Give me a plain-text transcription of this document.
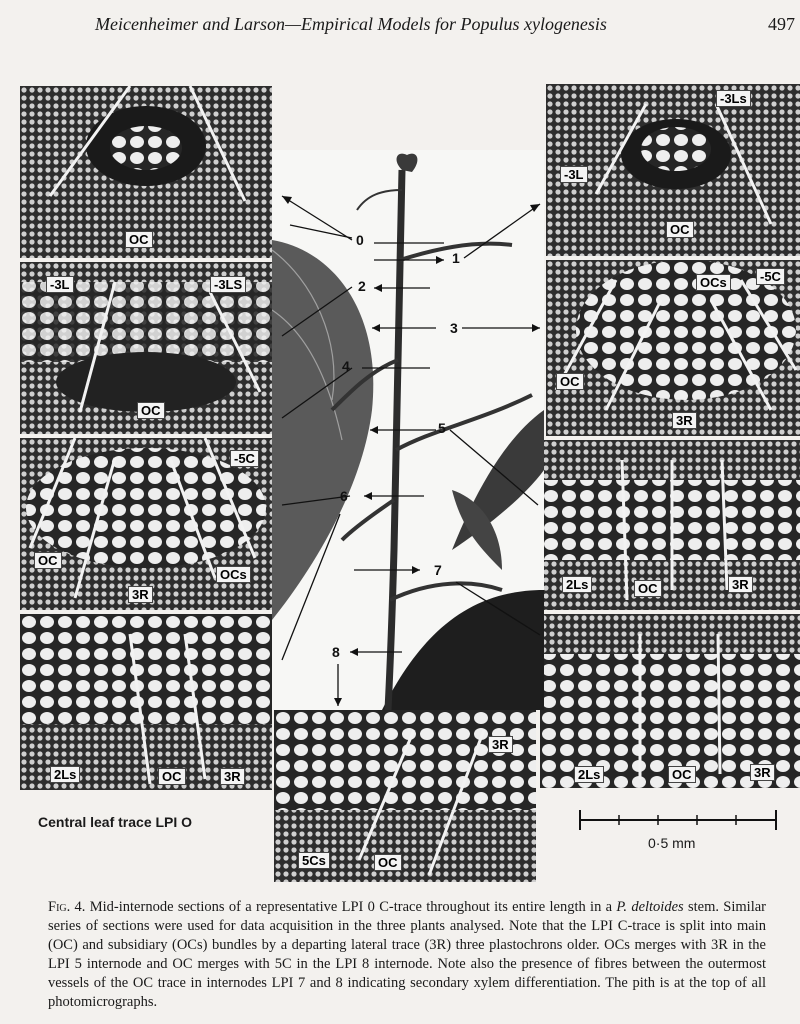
Meicenheimer and Larson—Empirical Models for Populus xylogenesis	497
OC
-3L	-3LS
OC
-5C
OC
OCs
3R
2Ls	OC	3R
-3Ls
-3L
OC
OCs	-5C
OC
3R
2Ls	OC	3R
2Ls	OC	3R
3R
5Cs	OC
0
1
2
3
4
5
6
7
8
Central leaf trace LPI O
0·5 mm
Fig. 4. Mid-internode sections of a representative LPI 0 C-trace throughout its entire length in a P. deltoides stem. Similar series of sections were used for data acquisition in the three plants analysed. Note that the LPI C-trace is split into main (OC) and subsidiary (OCs) bundles by a departing lateral trace (3R) three plastochrons older. OCs merges with 3R in the LPI 5 internode and OC merges with 5C in the LPI 8 internode. Note also the presence of fibres between the outermost vessels of the OC trace in internodes LPI 7 and 8 indicating secondary xylem differentiation. The pith is at the top of all photomicrographs.
